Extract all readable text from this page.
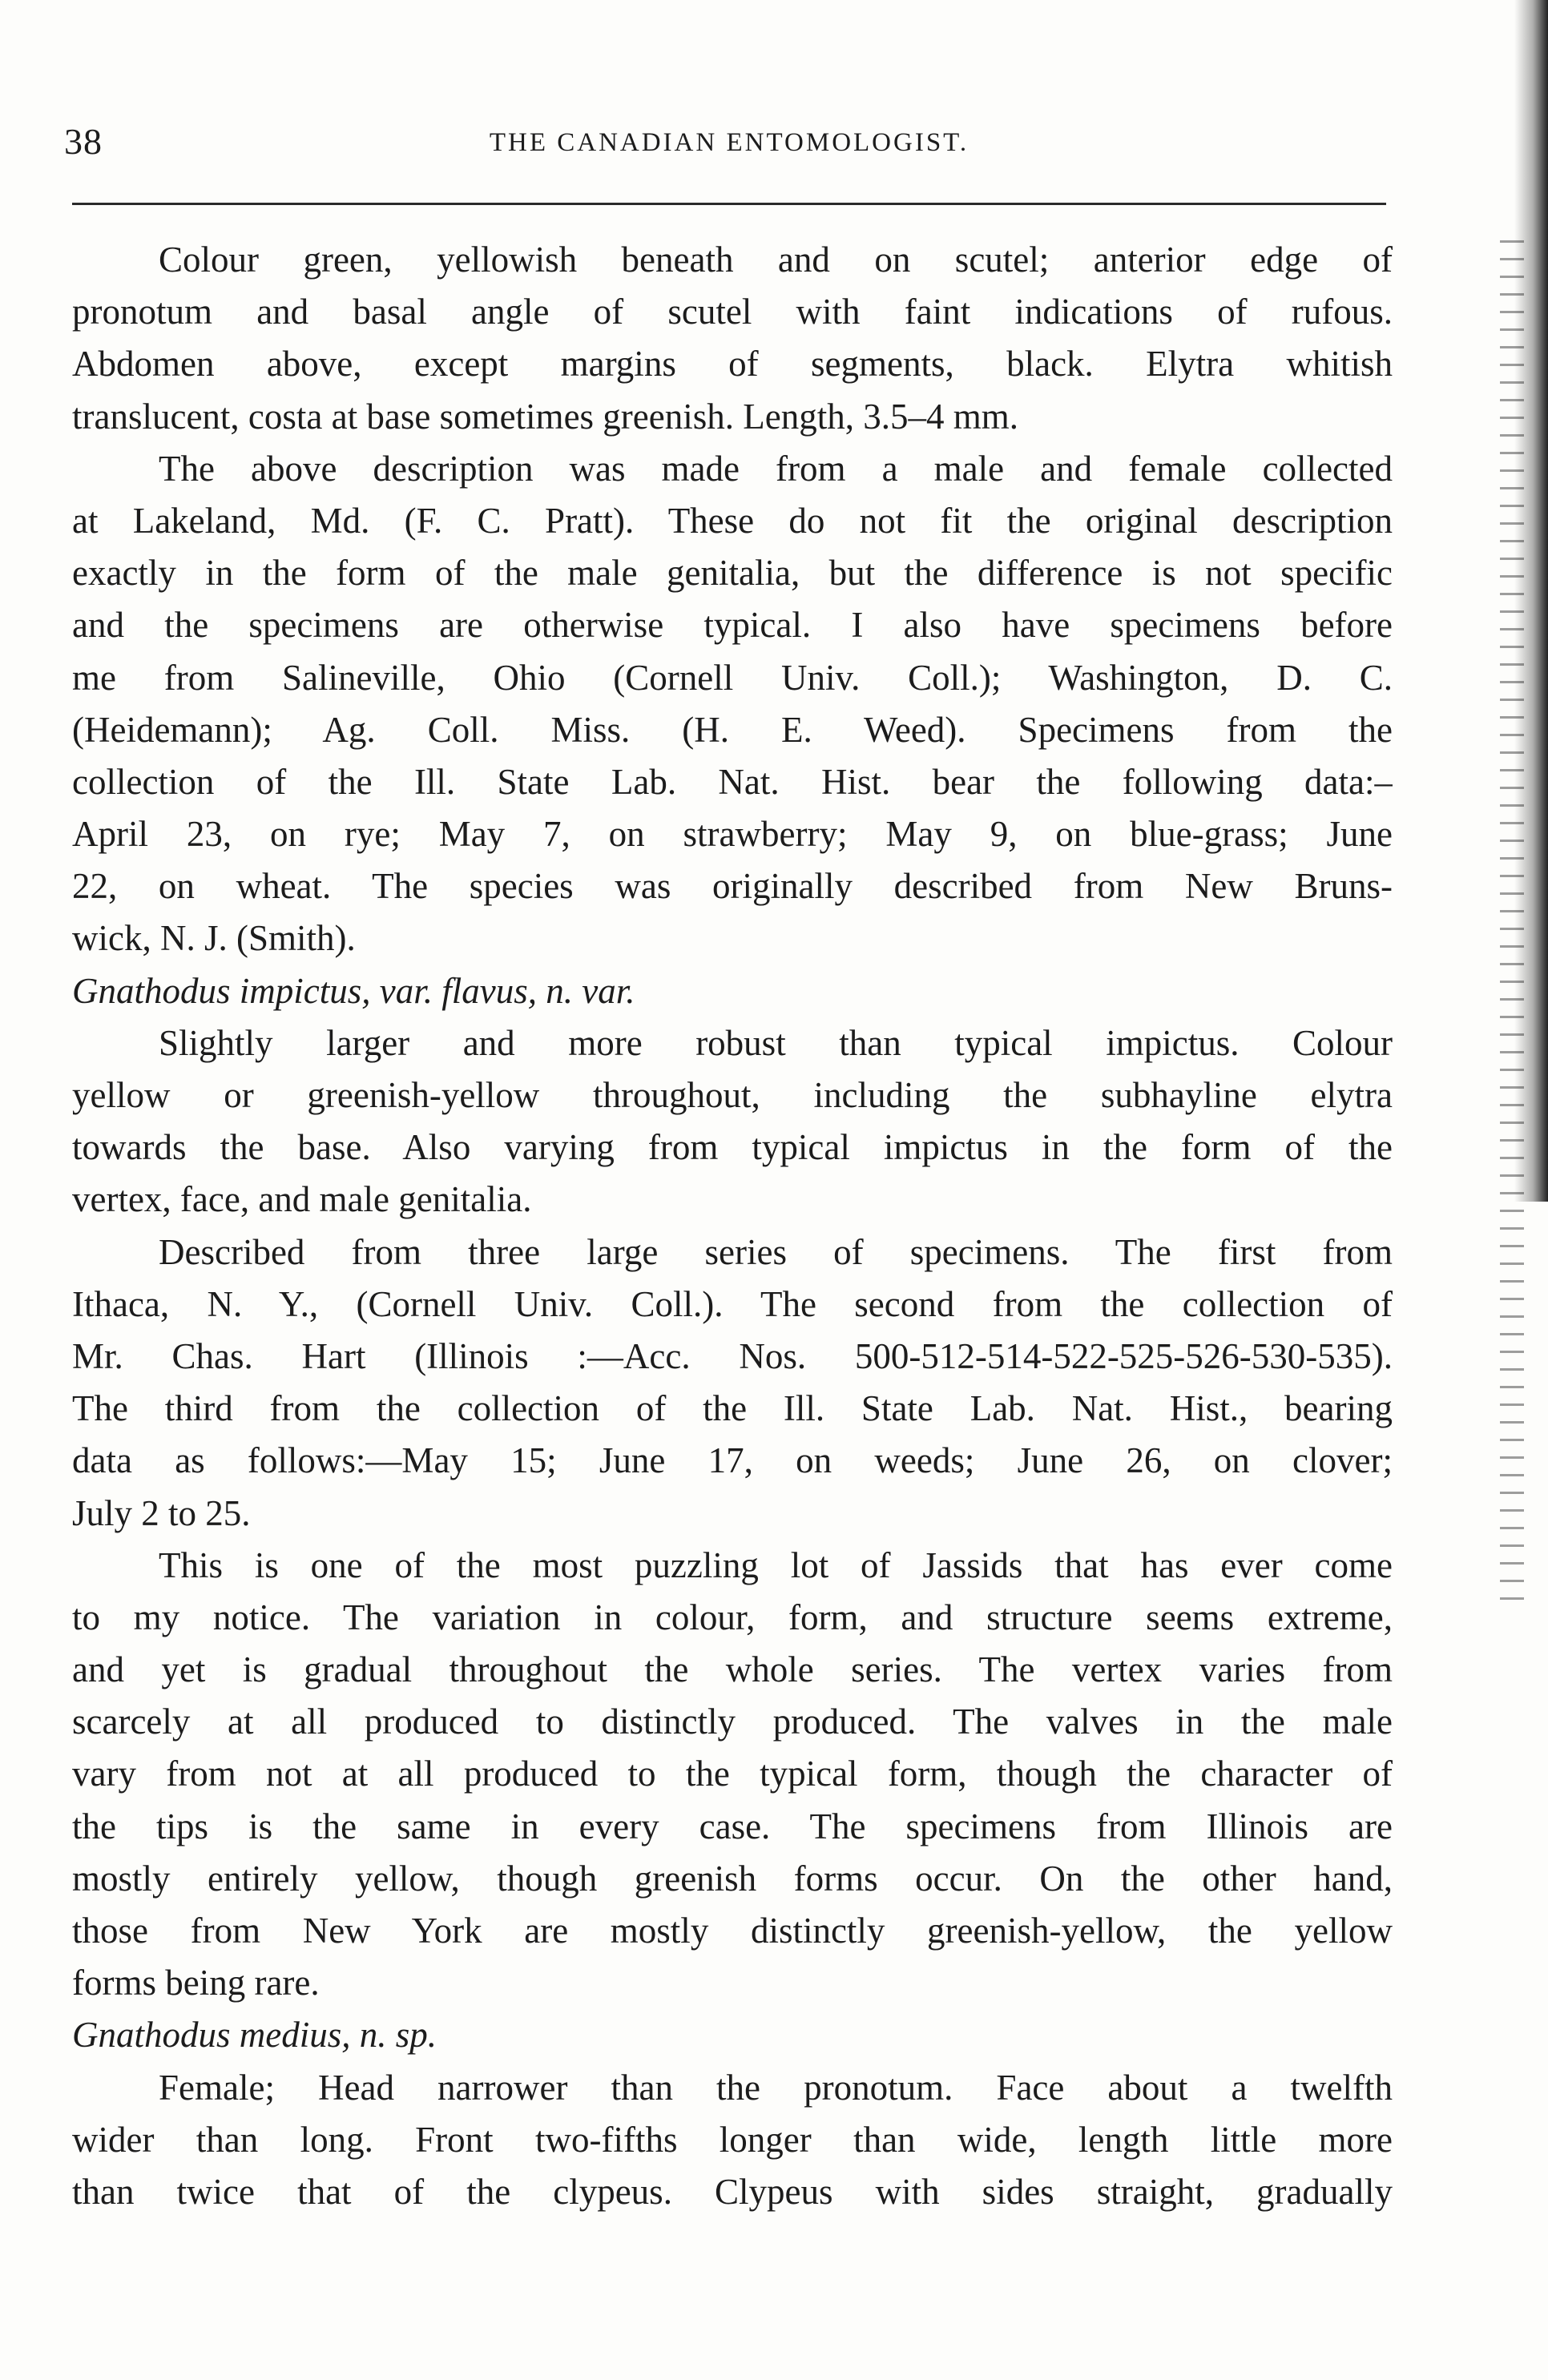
38	THE CANADIAN ENTOMOLOGIST.
Colour green, yellowish beneath and on scutel; anterior edge of
pronotum and basal angle of scutel with faint indications of rufous.
Abdomen above, except margins of segments, black. Elytra whitish
translucent, costa at base sometimes greenish. Length, 3.5–4 mm.
The above description was made from a male and female collected
at Lakeland, Md. (F. C. Pratt). These do not fit the original description
exactly in the form of the male genitalia, but the difference is not specific
and the specimens are otherwise typical. I also have specimens before
me from Salineville, Ohio (Cornell Univ. Coll.); Washington, D. C.
(Heidemann); Ag. Coll. Miss. (H. E. Weed). Specimens from the
collection of the Ill. State Lab. Nat. Hist. bear the following data:–
April 23, on rye; May 7, on strawberry; May 9, on blue-grass; June
22, on wheat. The species was originally described from New Bruns-
wick, N. J. (Smith).
Gnathodus impictus, var. flavus, n. var.
Slightly larger and more robust than typical impictus. Colour
yellow or greenish-yellow throughout, including the subhayline elytra
towards the base. Also varying from typical impictus in the form of the
vertex, face, and male genitalia.
Described from three large series of specimens. The first from
Ithaca, N. Y., (Cornell Univ. Coll.). The second from the collection of
Mr. Chas. Hart (Illinois :—Acc. Nos. 500-512-514-522-525-526-530-535).
The third from the collection of the Ill. State Lab. Nat. Hist., bearing
data as follows:—May 15; June 17, on weeds; June 26, on clover;
July 2 to 25.
This is one of the most puzzling lot of Jassids that has ever come
to my notice. The variation in colour, form, and structure seems extreme,
and yet is gradual throughout the whole series. The vertex varies from
scarcely at all produced to distinctly produced. The valves in the male
vary from not at all produced to the typical form, though the character of
the tips is the same in every case. The specimens from Illinois are
mostly entirely yellow, though greenish forms occur. On the other hand,
those from New York are mostly distinctly greenish-yellow, the yellow
forms being rare.
Gnathodus medius, n. sp.
Female; Head narrower than the pronotum. Face about a twelfth
wider than long. Front two-fifths longer than wide, length little more
than twice that of the clypeus. Clypeus with sides straight, gradually
